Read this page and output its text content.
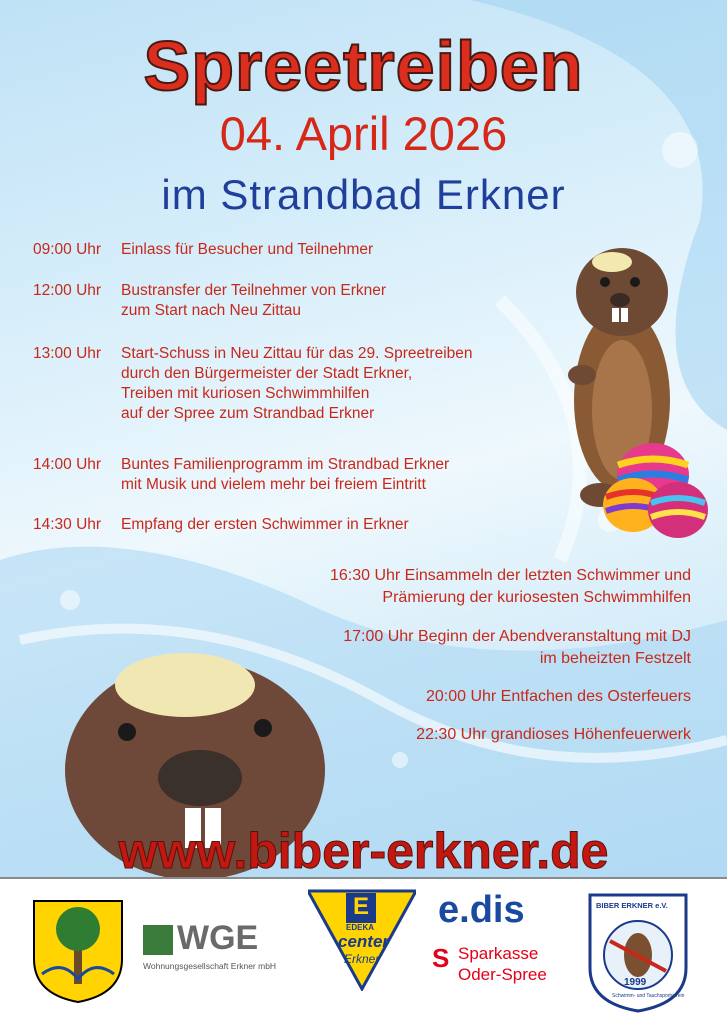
Spreetreiben
04. April 2026
im Strandbad Erkner
09:00 Uhr	Einlass für Besucher und Teilnehmer
12:00 Uhr	Bustransfer der Teilnehmer von Erkner
zum Start nach Neu Zittau
13:00 Uhr	Start-Schuss in Neu Zittau für das 29. Spreetreiben
durch den Bürgermeister der Stadt Erkner,
Treiben mit kuriosen Schwimmhilfen
auf der Spree zum Strandbad Erkner
14:00 Uhr	Buntes Familienprogramm im Strandbad Erkner
mit Musik und vielem mehr bei freiem Eintritt
14:30 Uhr	Empfang der ersten Schwimmer in Erkner
16:30 Uhr Einsammeln der letzten Schwimmer und
Prämierung der kuriosesten Schwimmhilfen
17:00 Uhr Beginn der Abendveranstaltung mit DJ
im beheizten Festzelt
20:00 Uhr Entfachen des Osterfeuers
22:30 Uhr grandioses Höhenfeuerwerk
www.biber-erkner.de
WGE
Wohnungsgesellschaft Erkner mbH
E
EDEKA
center
Erkner
e.dis
S Sparkasse
Oder-Spree
BIBER ERKNER e.V.
1999
Schwimm- und Tauchsportverein
